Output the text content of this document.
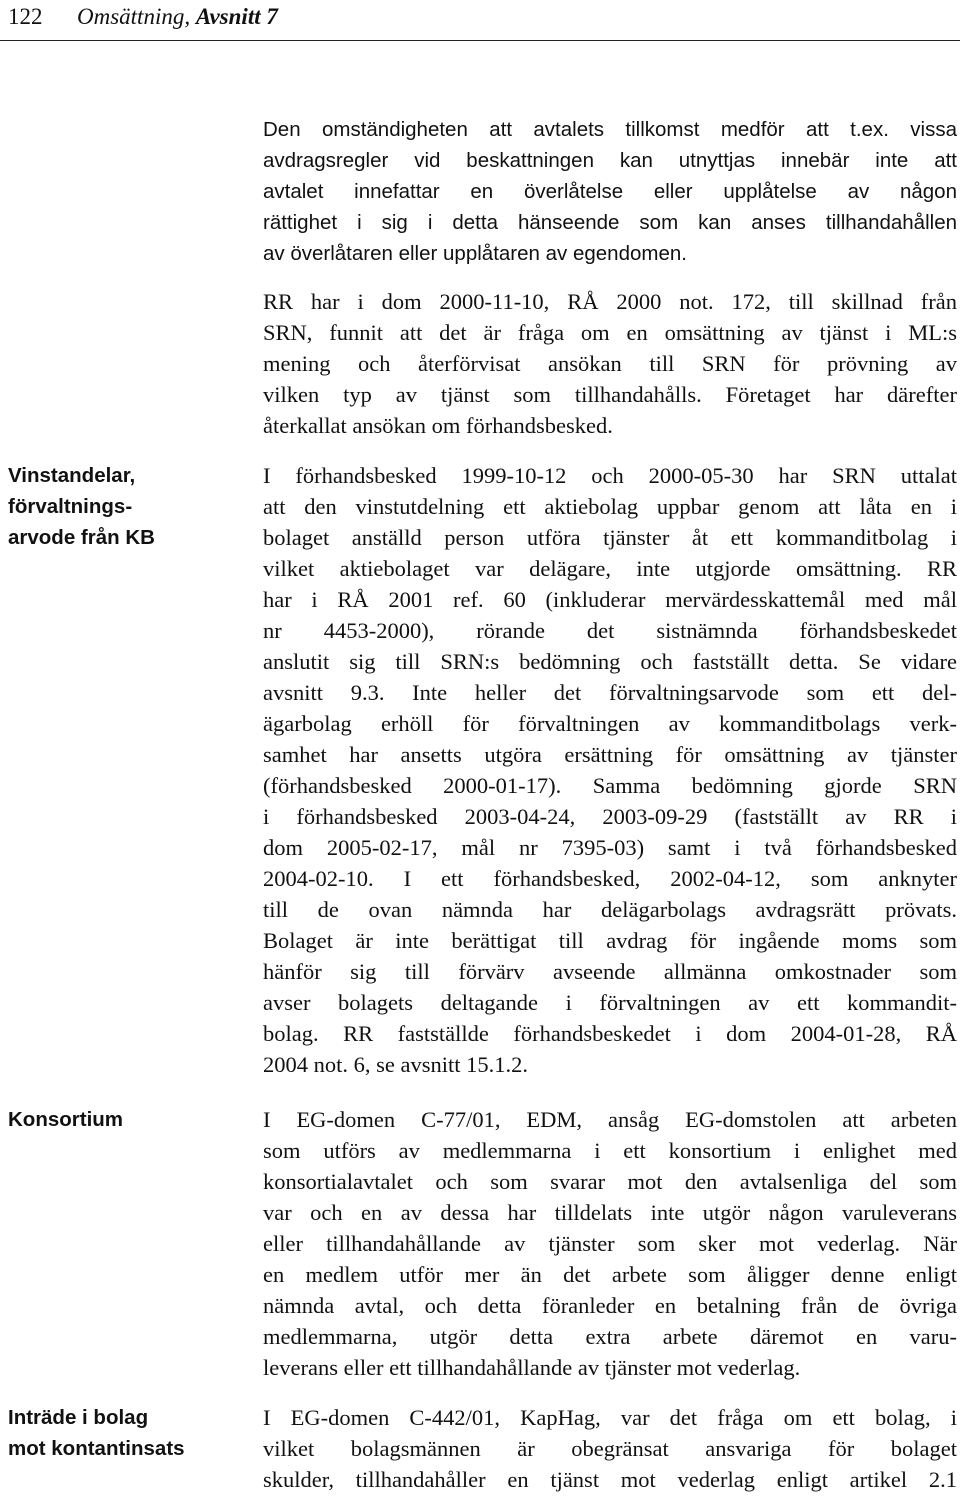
122 Omsättning, Avsnitt 7
Den omständigheten att avtalets tillkomst medför att t.ex. vissa
avdragsregler vid beskattningen kan utnyttjas innebär inte att
avtalet innefattar en överlåtelse eller upplåtelse av någon
rättighet i sig i detta hänseende som kan anses tillhandahållen
av överlåtaren eller upplåtaren av egendomen.
RR har i dom 2000-11-10, RÅ 2000 not. 172, till skillnad från
SRN, funnit att det är fråga om en omsättning av tjänst i ML:s
mening och återförvisat ansökan till SRN för prövning av
vilken typ av tjänst som tillhandahålls. Företaget har därefter
återkallat ansökan om förhandsbesked.
Vinstandelar,
förvaltnings-
arvode från KB
I förhandsbesked 1999-10-12 och 2000-05-30 har SRN uttalat
att den vinstutdelning ett aktiebolag uppbar genom att låta en i
bolaget anställd person utföra tjänster åt ett kommanditbolag i
vilket aktiebolaget var delägare, inte utgjorde omsättning. RR
har i RÅ 2001 ref. 60 (inkluderar mervärdesskattemål med mål
nr 4453-2000), rörande det sistnämnda förhandsbeskedet
anslutit sig till SRN:s bedömning och fastställt detta. Se vidare
avsnitt 9.3. Inte heller det förvaltningsarvode som ett del-
ägarbolag erhöll för förvaltningen av kommanditbolags verk-
samhet har ansetts utgöra ersättning för omsättning av tjänster
(förhandsbesked 2000-01-17). Samma bedömning gjorde SRN
i förhandsbesked 2003-04-24, 2003-09-29 (fastställt av RR i
dom 2005-02-17, mål nr 7395-03) samt i två förhandsbesked
2004-02-10. I ett förhandsbesked, 2002-04-12, som anknyter
till de ovan nämnda har delägarbolags avdragsrätt prövats.
Bolaget är inte berättigat till avdrag för ingående moms som
hänför sig till förvärv avseende allmänna omkostnader som
avser bolagets deltagande i förvaltningen av ett kommandit-
bolag. RR fastställde förhandsbeskedet i dom 2004-01-28, RÅ
2004 not. 6, se avsnitt 15.1.2.
Konsortium	I EG-domen C-77/01, EDM, ansåg EG-domstolen att arbeten
som utförs av medlemmarna i ett konsortium i enlighet med
konsortialavtalet och som svarar mot den avtalsenliga del som
var och en av dessa har tilldelats inte utgör någon varuleverans
eller tillhandahållande av tjänster som sker mot vederlag. När
en medlem utför mer än det arbete som åligger denne enligt
nämnda avtal, och detta föranleder en betalning från de övriga
medlemmarna, utgör detta extra arbete däremot en varu-
leverans eller ett tillhandahållande av tjänster mot vederlag.
Inträde i bolag
mot kontantinsats
I EG-domen C-442/01, KapHag, var det fråga om ett bolag, i
vilket bolagsmännen är obegränsat ansvariga för bolaget
skulder, tillhandahåller en tjänst mot vederlag enligt artikel 2.1
